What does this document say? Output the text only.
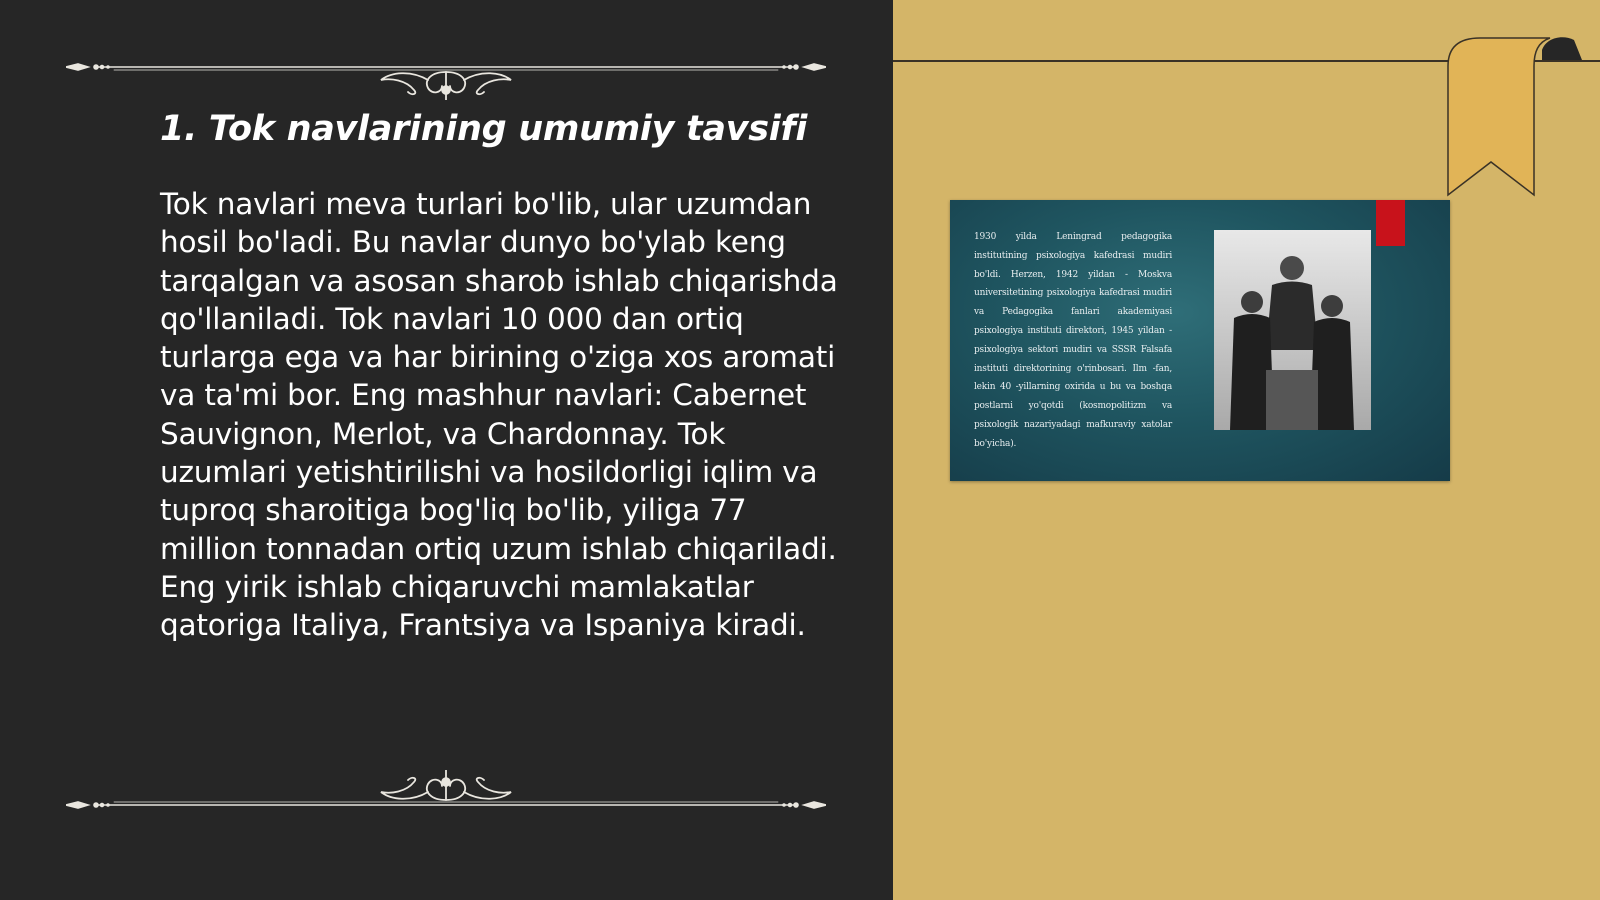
1. Tok navlarining umumiy tavsifi
Tok navlari meva turlari bo'lib, ular uzumdan hosil bo'ladi. Bu navlar dunyo bo'ylab keng tarqalgan va asosan sharob ishlab chiqarishda qo'llaniladi. Tok navlari 10 000 dan ortiq turlarga ega va har birining o'ziga xos aromati va ta'mi bor. Eng mashhur navlari: Cabernet Sauvignon, Merlot, va Chardonnay. Tok uzumlari yetishtirilishi va hosildorligi iqlim va tuproq sharoitiga bog'liq bo'lib, yiliga 77 million tonnadan ortiq uzum ishlab chiqariladi. Eng yirik ishlab chiqaruvchi mamlakatlar qatoriga Italiya, Frantsiya va Ispaniya kiradi.
1930 yilda Leningrad pedagogika institutining psixologiya kafedrasi mudiri bo'ldi. Herzen, 1942 yildan - Moskva universitetining psixologiya kafedrasi mudiri va Pedagogika fanlari akademiyasi psixologiya instituti direktori, 1945 yildan - psixologiya sektori mudiri va SSSR Falsafa instituti direktorining o'rinbosari. Ilm -fan, lekin 40 -yillarning oxirida u bu va boshqa postlarni yo'qotdi (kosmopolitizm va psixologik nazariyadagi mafkuraviy xatolar bo'yicha).
